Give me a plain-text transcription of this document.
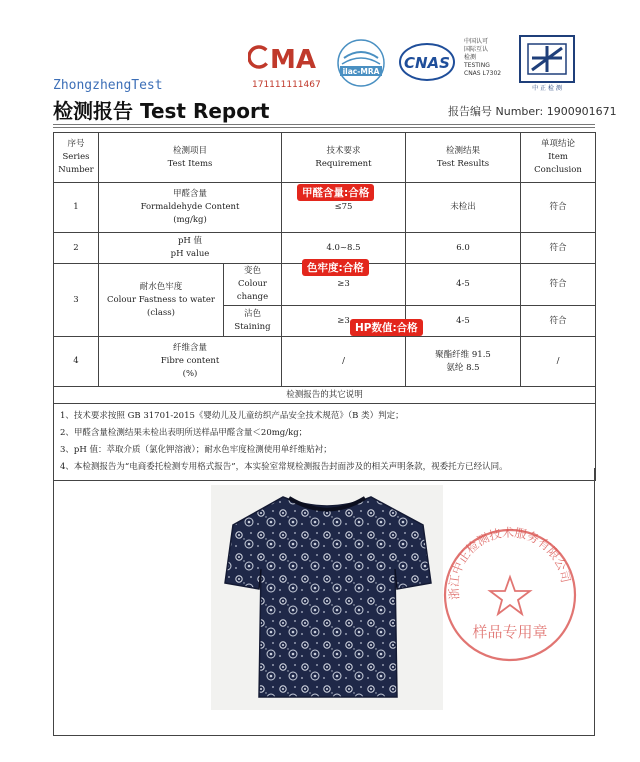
MA
171111111467
ilac-MRA CNAS
中国认可
国际互认
检测
TESTING
CNAS L7302
中 正 检 测
ZhongzhengTest
检测报告 Test Report	报告编号 Number: 1900901671
序号
Series
Number	检测项目
Test Items		技术要求
Requirement	检测结果
Test Results	单项结论
Item
Conclusion

1	甲醛含量
Formaldehyde Content
(mg/kg)		≤75	未检出	符合
2	pH 值
pH value		4.0~8.5	6.0	符合
3	耐水色牢度
Colour Fastness to water
(class)	变色
Colour change	≥3	4-5	符合

		沾色
Staining	≥3	4-5	符合
4	纤维含量
Fibre content
(%)		/	聚酯纤维 91.5
氨纶 8.5	/
检测报告的其它说明					

1、技术要求按照 GB 31701-2015《婴幼儿及儿童纺织产品安全技术规范》（B 类）判定；
2、甲醛含量检测结果未检出表明所送样品甲醛含量＜20mg/kg；
3、pH 值：萃取介质（氯化钾溶液）；耐水色牢度检测使用单纤维贴衬；
4、本检测报告为“电商委托检测专用格式报告”，本实验室常规检测报告封面涉及的相关声明条款，视委托方已经认同。					
甲醛含量:合格
色牢度:合格
HP数值:合格
浙江中正检测技术服务有限公司
样品专用章
